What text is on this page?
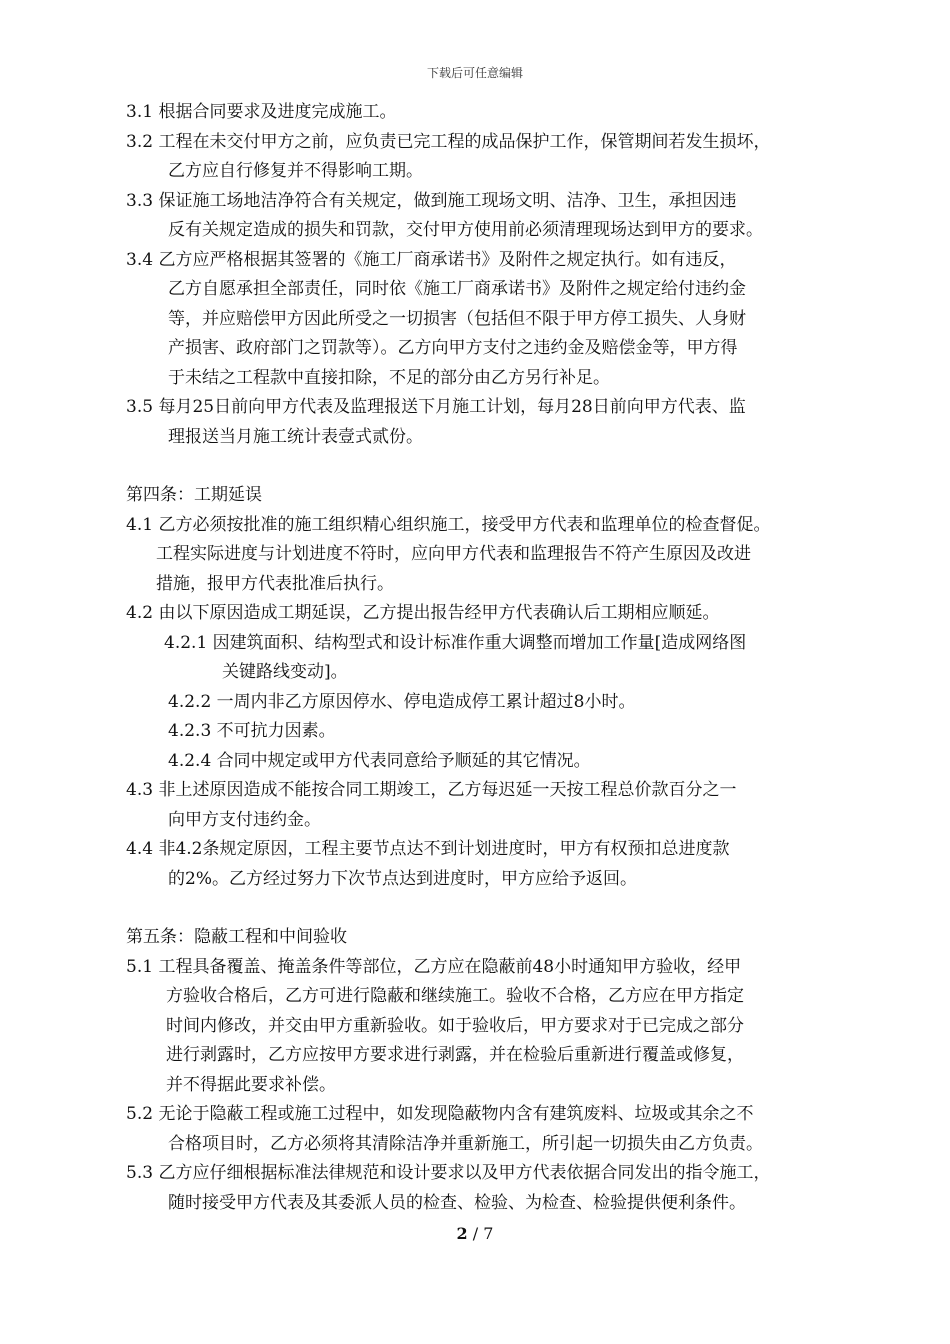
下载后可任意编辑
3.1 根据合同要求及进度完成施工。
3.2 工程在未交付甲方之前，应负责已完工程的成品保护工作，保管期间若发生损坏，
乙方应自行修复并不得影响工期。
3.3 保证施工场地洁净符合有关规定，做到施工现场文明、洁净、卫生，承担因违
反有关规定造成的损失和罚款，交付甲方使用前必须清理现场达到甲方的要求。
3.4 乙方应严格根据其签署的《施工厂商承诺书》及附件之规定执行。如有违反，
乙方自愿承担全部责任，同时依《施工厂商承诺书》及附件之规定给付违约金
等，并应赔偿甲方因此所受之一切损害（包括但不限于甲方停工损失、人身财
产损害、政府部门之罚款等）。乙方向甲方支付之违约金及赔偿金等，甲方得
于未结之工程款中直接扣除，不足的部分由乙方另行补足。
3.5 每月25日前向甲方代表及监理报送下月施工计划，每月28日前向甲方代表、监
理报送当月施工统计表壹式贰份。
第四条：工期延误
4.1 乙方必须按批准的施工组织精心组织施工，接受甲方代表和监理单位的检查督促。
工程实际进度与计划进度不符时，应向甲方代表和监理报告不符产生原因及改进
措施，报甲方代表批准后执行。
4.2 由以下原因造成工期延误，乙方提出报告经甲方代表确认后工期相应顺延。
4.2.1 因建筑面积、结构型式和设计标准作重大调整而增加工作量[造成网络图
关键路线变动]。
4.2.2 一周内非乙方原因停水、停电造成停工累计超过8小时。
4.2.3 不可抗力因素。
4.2.4 合同中规定或甲方代表同意给予顺延的其它情况。
4.3 非上述原因造成不能按合同工期竣工，乙方每迟延一天按工程总价款百分之一
向甲方支付违约金。
4.4 非4.2条规定原因，工程主要节点达不到计划进度时，甲方有权预扣总进度款
的2%。乙方经过努力下次节点达到进度时，甲方应给予返回。
第五条：隐蔽工程和中间验收
5.1 工程具备覆盖、掩盖条件等部位，乙方应在隐蔽前48小时通知甲方验收，经甲
方验收合格后，乙方可进行隐蔽和继续施工。验收不合格，乙方应在甲方指定
时间内修改，并交由甲方重新验收。如于验收后，甲方要求对于已完成之部分
进行剥露时，乙方应按甲方要求进行剥露，并在检验后重新进行覆盖或修复，
并不得据此要求补偿。
5.2 无论于隐蔽工程或施工过程中，如发现隐蔽物内含有建筑废料、垃圾或其余之不
合格项目时，乙方必须将其清除洁净并重新施工，所引起一切损失由乙方负责。
5.3 乙方应仔细根据标准法律规范和设计要求以及甲方代表依据合同发出的指令施工，
随时接受甲方代表及其委派人员的检查、检验、为检查、检验提供便利条件。
2 / 7
